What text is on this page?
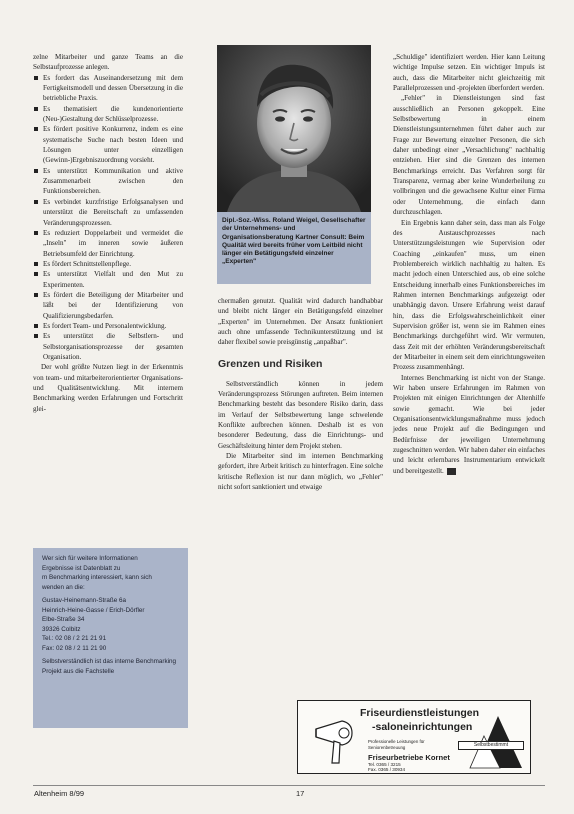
zelne Mitarbeiter und ganze Teams an die Selbstaufprozesse anlegen.

Es fordert das Auseinandersetzung mit dem Fertigkeitsmodell und dessen Übersetzung in die betriebliche Praxis.
Es thematisiert die kundenorientierte (Neu-)Gestaltung der Schlüsselprozesse.
Es fördert positive Konkurrenz, indem es eine systematische Suche nach besten Ideen und Lösungen unter einzelligen (Gewinn-)Ergebniszuordnung vorsieht.
Es unterstützt Kommunikation und aktive Zusammenarbeit zwischen den Funktionsbereichen.
Es verbindet kurzfristige Erfolgsanalysen und unterstützt die Bereitschaft zu umfassenden Veränderungsprozessen.
Es reduziert Doppelarbeit und vermeidet die „Inseln" im inneren sowie äußeren Betriebsumfeld der Einrichtung.
Es fördert Schnittstellenpflege.
Es unterstützt Vielfalt und den Mut zu Experimenten.
Es fördert die Beteiligung der Mitarbeiter und läßt bei der Identifizierung von Qualifizierungsbedarfen.
Es fordert Team- und Personalentwicklung.
Es unterstützt die Selbstlern- und Selbstorganisationsprozesse der gesamten Organisation.

Der wohl größte Nutzen liegt in der Erkenntnis von team- und mitarbeiterorientierter Organisations- und Qualitätsentwicklung. Mit internem Benchmarking werden Erfahrungen und Fortschritt glei-

Dipl.-Soz.-Wiss. Roland Weigel, Gesellschafter der Unternehmens- und Organisationsberatung Kartner Consult: Beim Qualität wird bereits früher vom Leitbild nicht länger ein Betätigungsfeld einzelner „Experten"

chermaßen genutzt. Qualität wird dadurch handhabbar und bleibt nicht länger ein Betätigungsfeld einzelner „Experten" im Unternehmen. Der Ansatz funktioniert auch ohne umfassende Technikunterstützung und ist daher flexibel sowie preisgünstig „anpaßbar".

Grenzen und Risiken

Selbstverständlich können in jedem Veränderungsprozess Störungen auftreten. Beim internen Benchmarking besteht das besondere Risiko darin, dass im Verlauf der Selbstbewertung lange schwelende Konflikte aufbrechen können. Deshalb ist es von besonderer Bedeutung, dass die Einrichtungs- und Geschäftsleitung hinter dem Projekt stehen.

Die Mitarbeiter sind im internen Benchmarking gefordert, ihre Arbeit kritisch zu hinterfragen. Eine solche kritische Reflexion ist nur dann möglich, wo „Fehler" nicht sofort sanktioniert und etwaige

„Schuldige" identifiziert werden. Hier kann Leitung wichtige Impulse setzen. Ein wichtiger Impuls ist auch, dass die Mitarbeiter nicht gleichzeitig mit Parallelprozessen und -projekten überfordert werden.

„Fehler" in Dienstleistungen sind fast ausschließlich an Personen gekoppelt. Eine Selbstbewertung in einem Dienstleistungsunternehmen führt daher auch zur Frage zur Bewertung einzelner Personen, die sich daher unbedingt einer „Versachlichung" nachhaltig entziehen. Hier sind die Grenzen des internen Benchmarkings erreicht. Das Verfahren sorgt für Transparenz, vermag aber keine Wunderheilung zu vollbringen und die gewachsene Kultur einer Firma oder Unternehmung, die einfach dann durchzuschlagen.

Ein Ergebnis kann daher sein, dass man als Folge des Austauschprozesses nach Unterstützungsleistungen wie Supervision oder Coaching „einkaufen" muss, um einen Problembereich wirklich nachhaltig zu halten. Es macht jedoch einen Unterschied aus, ob eine solche Entscheidung innerhalb eines Funktionsbereiches im Rahmen internen Benchmarkings aufgezeigt oder unabhängig davon. Unsere Erfahrung weist darauf hin, dass die Erfolgswahrscheinlichkeit einer Supervision größer ist, wenn sie im Rahmen eines Benchmarkings durchgeführt wird. Wir vermuten, dass Zeit mit der erhöhten Veränderungsbereitschaft der Mitarbeiter in einem seit dem einrichtungsweiten Prozess zusammenhängt.

Internes Benchmarking ist nicht von der Stange. Wir haben unsere Erfahrungen im Rahmen von Projekten mit einigen Einrichtungen der Altenhilfe sowie gemacht. Wie bei jeder Organisationsentwicklungsmaßnahme muss jedoch jedes neue Projekt auf die Bedingungen und Bedürfnisse der jeweiligen Unternehmung zugeschnitten werden. Wir haben daher ein einfaches und leicht erlernbares Instrumentarium entwickelt und bereitgestellt.

Wer sich für weitere Informationen

Ergebnisse ist Datenblatt zu

m Benchmarking interessiert, kann sich

wenden an die:

Gustav-Heinemann-Straße 6a

Heinrich-Heine-Gasse / Erich-Dörfler

Elbe-Straße 34

39326 Colbitz

Tel.: 02 08 / 2 21 21 91

Fax: 02 08 / 2 11 21 90

Selbstverständlich ist das interne Benchmarking Projekt aus die Fachstelle

Friseurdienstleistungen
-saloneinrichtungen
Professionelle Leistungen für Seniorenbetreuung
Friseurbetriebe Kornet
Tel. 0365 / 3215
Fax. 0365 / 30934
Selbstbestimmt
Altenheim 8/99	17
